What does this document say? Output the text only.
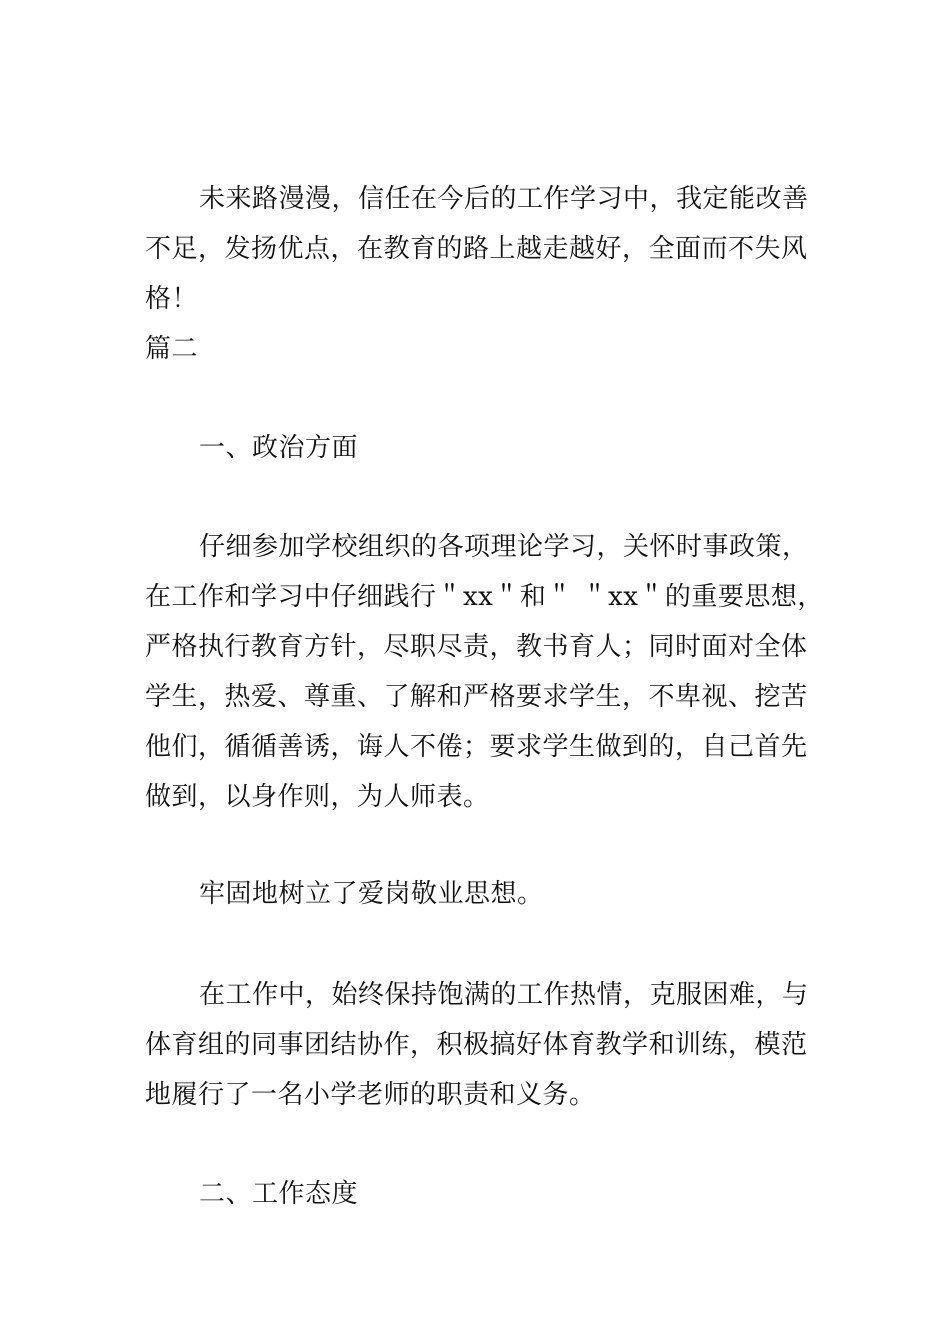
未来路漫漫，信任在今后的工作学习中，我定能改善
不足，发扬优点，在教育的路上越走越好，全面而不失风
格！
篇二
一、政治方面
仔细参加学校组织的各项理论学习，关怀时事政策，
在工作和学习中仔细践行＂xx＂和＂ ＂xx＂的重要思想，
严格执行教育方针，尽职尽责，教书育人；同时面对全体
学生，热爱、尊重、了解和严格要求学生，不卑视、挖苦
他们，循循善诱，诲人不倦；要求学生做到的，自己首先
做到，以身作则，为人师表。
牢固地树立了爱岗敬业思想。
在工作中，始终保持饱满的工作热情，克服困难，与
体育组的同事团结协作，积极搞好体育教学和训练，模范
地履行了一名小学老师的职责和义务。
二、工作态度
